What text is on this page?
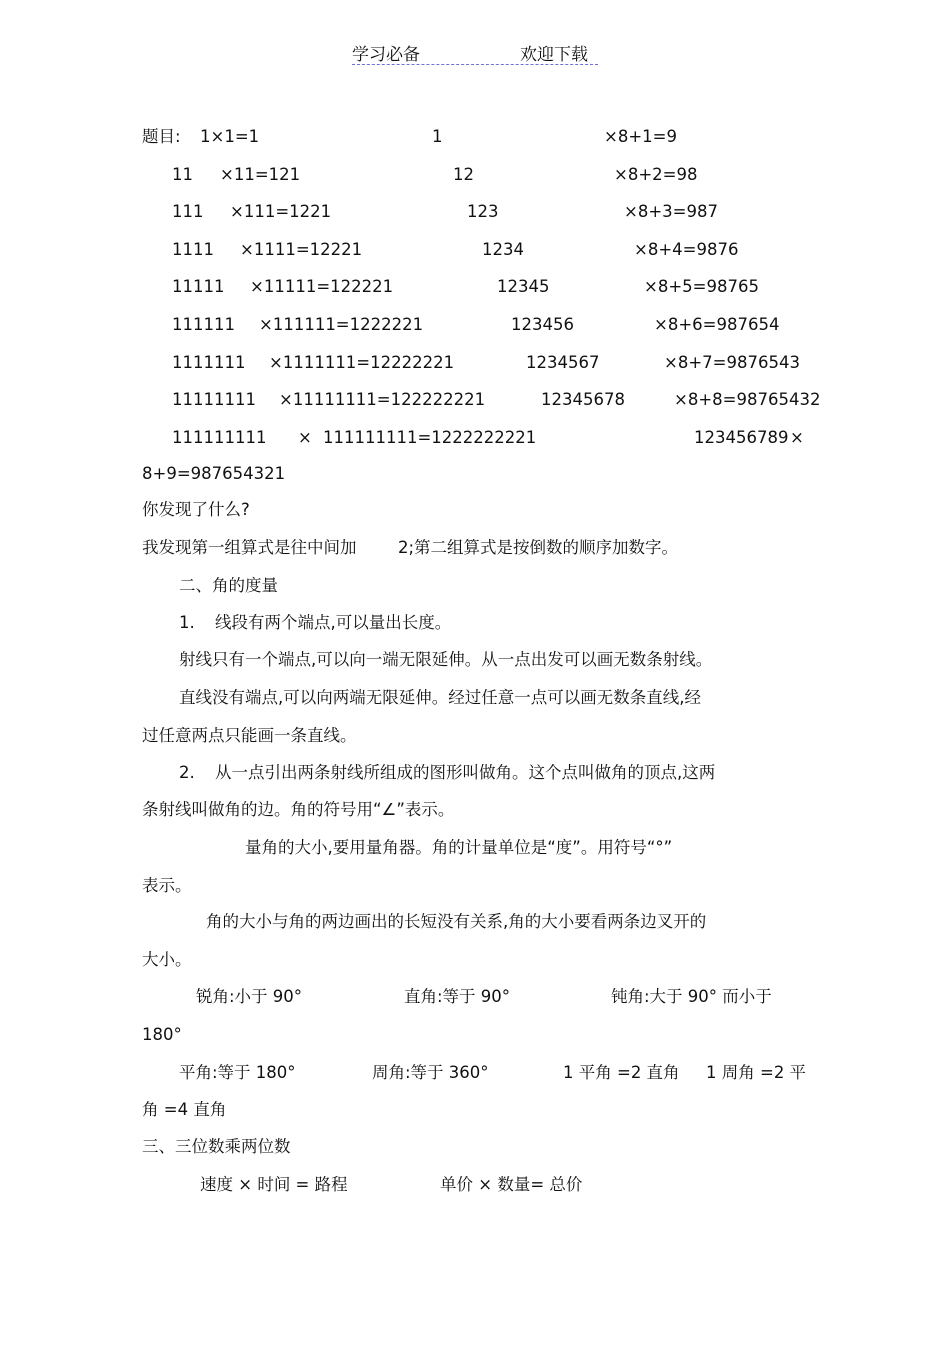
学习必备	欢迎下载
题目: 1×1=1	1	×8+1=9
11 ×11=121	12	×8+2=98
111 ×111=1221	123	×8+3=987
1111 ×1111=12221	1234	×8+4=9876
11111 ×11111=122221	12345	×8+5=98765
111111 ×111111=1222221	123456	×8+6=987654
1111111 ×1111111=12222221	1234567	×8+7=9876543
11111111 ×11111111=122222221	12345678	×8+8=98765432
111111111 × 111111111=1222222221	123456789 ×
8+9=987654321
你发现了什么?
我发现第一组算式是往中间加	2;第二组算式是按倒数的顺序加数字。
二、角的度量
1. 线段有两个端点,可以量出长度。
射线只有一个端点,可以向一端无限延伸。从一点出发可以画无数条射线。
直线没有端点,可以向两端无限延伸。经过任意一点可以画无数条直线,经
过任意两点只能画一条直线。
2. 从一点引出两条射线所组成的图形叫做角。这个点叫做角的顶点,这两
条射线叫做角的边。角的符号用“∠”表示。
量角的大小,要用量角器。角的计量单位是“度”。用符号“°”
表示。
角的大小与角的两边画出的长短没有关系,角的大小要看两条边叉开的
大小。
锐角:小于 90°	直角:等于 90°	钝角:大于 90° 而小于
180°
平角:等于 180°	周角:等于 360°	1 平角 =2 直角 1 周角 =2 平
角 =4 直角
三、三位数乘两位数
速度 × 时间 = 路程	单价 × 数量= 总价
